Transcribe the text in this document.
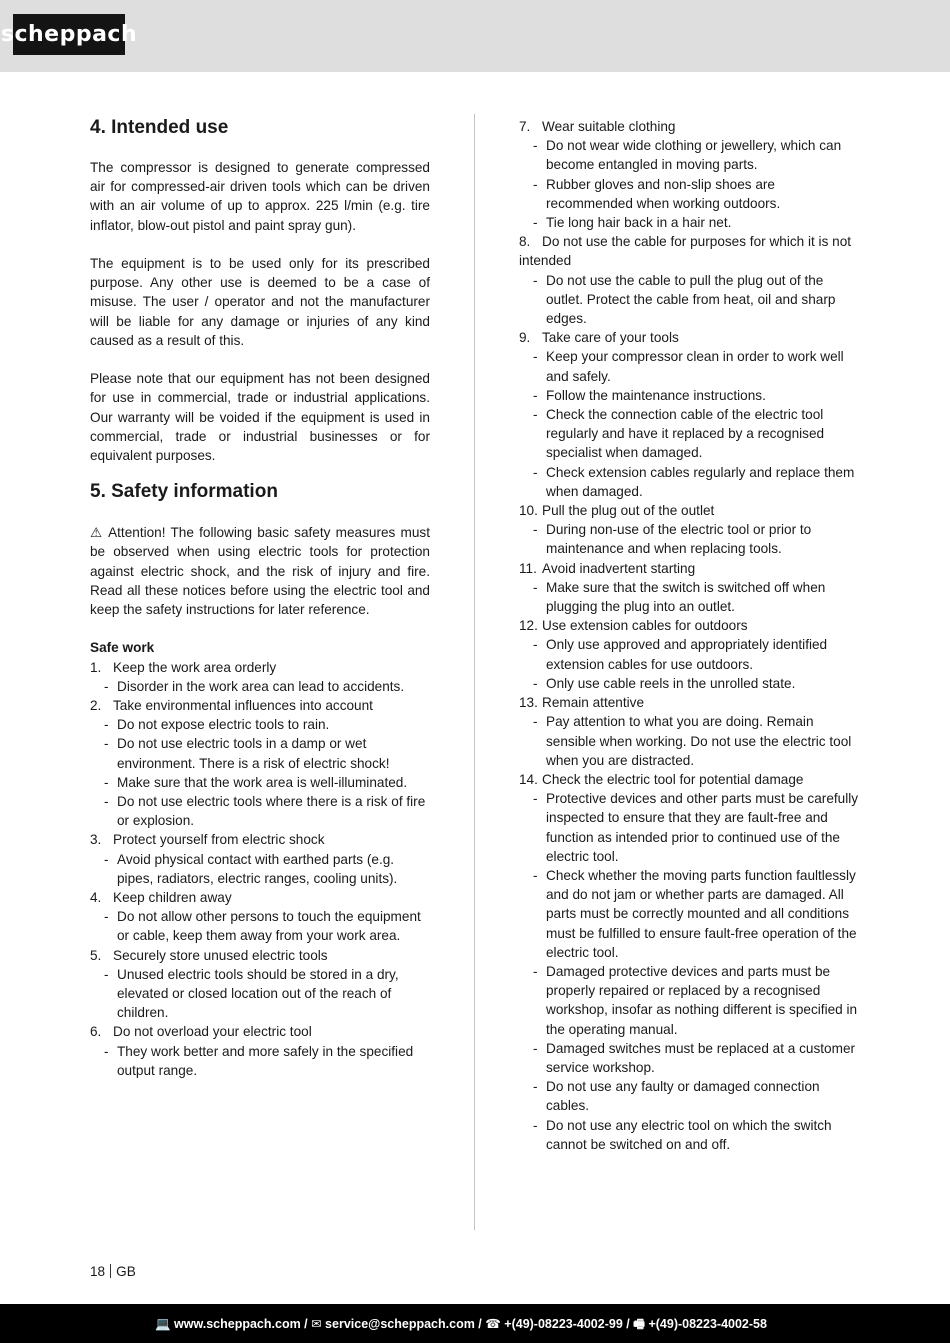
scheppach
4. Intended use

The compressor is designed to generate compressed air for compressed-air driven tools which can be driven with an air volume of up to approx. 225 l/min (e.g. tire inflator, blow-out pistol and paint spray gun).

The equipment is to be used only for its prescribed purpose. Any other use is deemed to be a case of misuse. The user / operator and not the manufacturer will be liable for any damage or injuries of any kind caused as a result of this.

Please note that our equipment has not been designed for use in commercial, trade or industrial applications. Our warranty will be voided if the equipment is used in commercial, trade or industrial businesses or for equivalent purposes.

5. Safety information

⚠ Attention! The following basic safety measures must be observed when using electric tools for protection against electric shock, and the risk of injury and fire. Read all these notices before using the electric tool and keep the safety instructions for later reference.

Safe work
1. Keep the work area orderly
- Disorder in the work area can lead to accidents.
2. Take environmental influences into account
- Do not expose electric tools to rain.
- Do not use electric tools in a damp or wet environment. There is a risk of electric shock!
- Make sure that the work area is well-illuminated.
- Do not use electric tools where there is a risk of fire or explosion.
3. Protect yourself from electric shock
- Avoid physical contact with earthed parts (e.g. pipes, radiators, electric ranges, cooling units).
4. Keep children away
- Do not allow other persons to touch the equipment or cable, keep them away from your work area.
5. Securely store unused electric tools
- Unused electric tools should be stored in a dry, elevated or closed location out of the reach of children.
6. Do not overload your electric tool
- They work better and more safely in the specified output range.
7. Wear suitable clothing
- Do not wear wide clothing or jewellery, which can become entangled in moving parts.
- Rubber gloves and non-slip shoes are recommended when working outdoors.
- Tie long hair back in a hair net.
8. Do not use the cable for purposes for which it is not intended
- Do not use the cable to pull the plug out of the outlet. Protect the cable from heat, oil and sharp edges.
9. Take care of your tools
- Keep your compressor clean in order to work well and safely.
- Follow the maintenance instructions.
- Check the connection cable of the electric tool regularly and have it replaced by a recognised specialist when damaged.
- Check extension cables regularly and replace them when damaged.
10. Pull the plug out of the outlet
- During non-use of the electric tool or prior to maintenance and when replacing tools.
11. Avoid inadvertent starting
- Make sure that the switch is switched off when plugging the plug into an outlet.
12. Use extension cables for outdoors
- Only use approved and appropriately identified extension cables for use outdoors.
- Only use cable reels in the unrolled state.
13. Remain attentive
- Pay attention to what you are doing. Remain sensible when working. Do not use the electric tool when you are distracted.
14. Check the electric tool for potential damage
- Protective devices and other parts must be carefully inspected to ensure that they are fault-free and function as intended prior to continued use of the electric tool.
- Check whether the moving parts function faultlessly and do not jam or whether parts are damaged. All parts must be correctly mounted and all conditions must be fulfilled to ensure fault-free operation of the electric tool.
- Damaged protective devices and parts must be properly repaired or replaced by a recognised workshop, insofar as nothing different is specified in the operating manual.
- Damaged switches must be replaced at a customer service workshop.
- Do not use any faulty or damaged connection cables.
- Do not use any electric tool on which the switch cannot be switched on and off.
18 GB
💻 www.scheppach.com / ✉ service@scheppach.com / ☎ +(49)-08223-4002-99 / 🖷 +(49)-08223-4002-58
